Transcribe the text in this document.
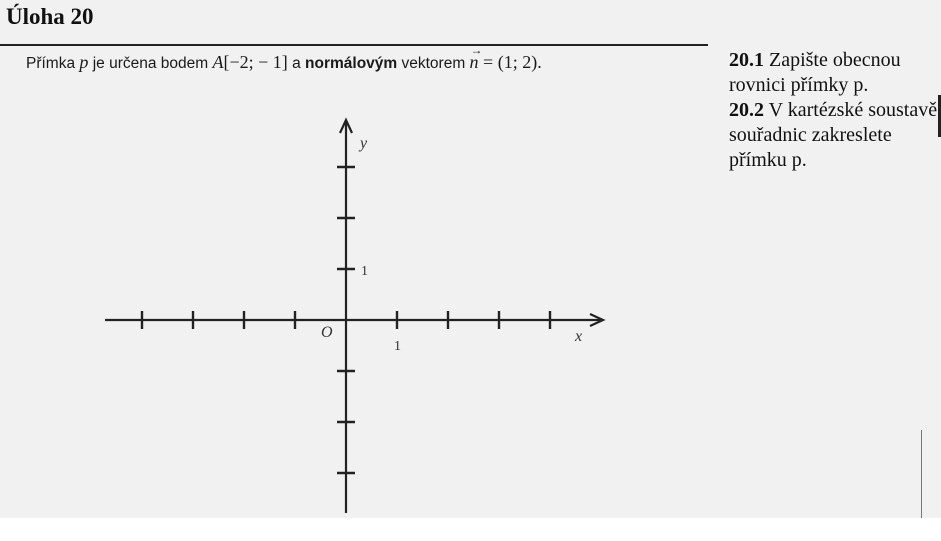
Úloha 20
Přímka p je určena bodem A[−2; − 1] a normálovým vektorem
→
n = (1; 2).	20.1 Zapište obecnou rovnici přímky p.
20.2 V kartézské soustavě souřadnic zakreslete přímku p.
x
y
O
1
1
